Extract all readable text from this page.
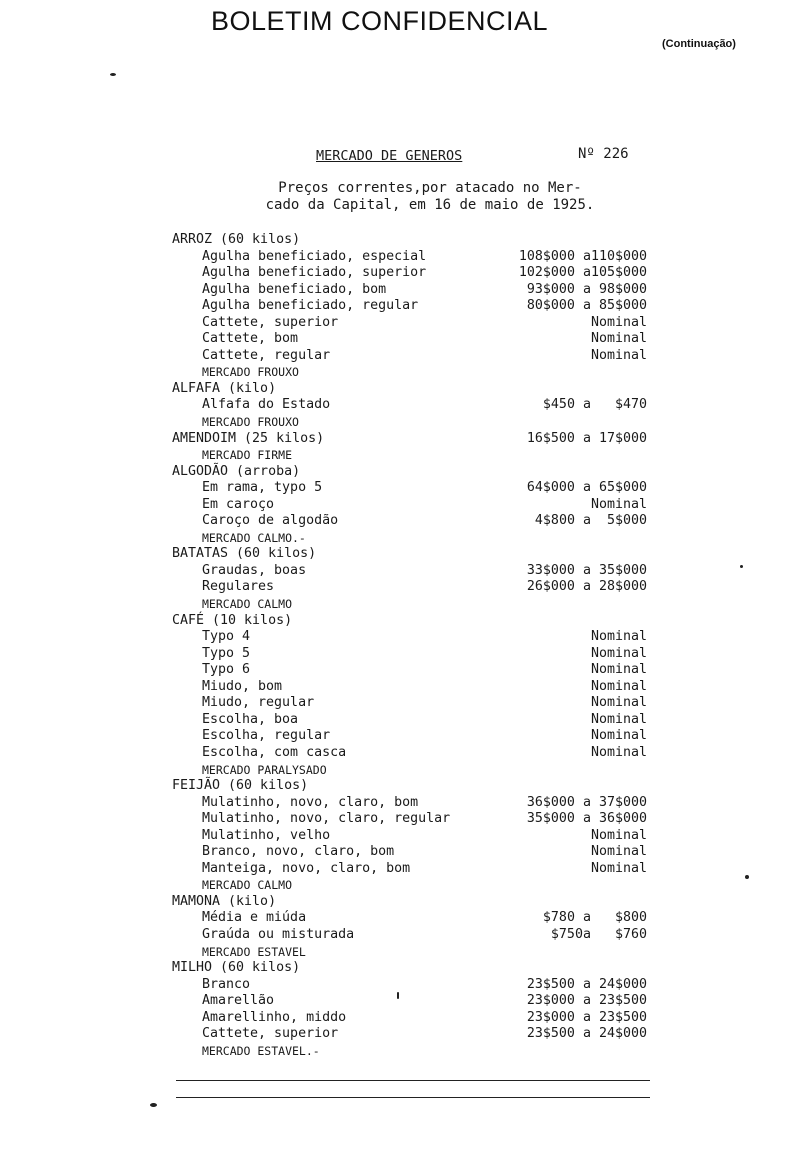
BOLETIM CONFIDENCIAL
(Continuação)
MERCADO DE GENEROS	Nº 226
Preços correntes,por atacado no Mer-
cado da Capital, em 16 de maio de 1925.
ARROZ (60 kilos)
Agulha beneficiado, especial	108$000 a110$000
Agulha beneficiado, superior	102$000 a105$000
Agulha beneficiado, bom	93$000 a 98$000
Agulha beneficiado, regular	80$000 a 85$000
Cattete, superior	Nominal
Cattete, bom	Nominal
Cattete, regular	Nominal
MERCADO FROUXO
ALFAFA (kilo)
Alfafa do Estado	$450 a   $470
MERCADO FROUXO
AMENDOIM (25 kilos)	16$500 a 17$000
MERCADO FIRME
ALGODÃO (arroba)
Em rama, typo 5	64$000 a 65$000
Em caroço	Nominal
Caroço de algodão	4$800 a  5$000
MERCADO CALMO.-
BATATAS (60 kilos)
Graudas, boas	33$000 a 35$000
Regulares	26$000 a 28$000
MERCADO CALMO
CAFÉ (10 kilos)
Typo 4	Nominal
Typo 5	Nominal
Typo 6	Nominal
Miudo, bom	Nominal
Miudo, regular	Nominal
Escolha, boa	Nominal
Escolha, regular	Nominal
Escolha, com casca	Nominal
MERCADO PARALYSADO
FEIJÃO (60 kilos)
Mulatinho, novo, claro, bom	36$000 a 37$000
Mulatinho, novo, claro, regular	35$000 a 36$000
Mulatinho, velho	Nominal
Branco, novo, claro, bom	Nominal
Manteiga, novo, claro, bom	Nominal
MERCADO CALMO
MAMONA (kilo)
Média e miúda	$780 a   $800
Graúda ou misturada	$750a   $760
MERCADO ESTAVEL
MILHO (60 kilos)
Branco	23$500 a 24$000
Amarellão	23$000 a 23$500
Amarellinho, middo	23$000 a 23$500
Cattete, superior	23$500 a 24$000
MERCADO ESTAVEL.-
